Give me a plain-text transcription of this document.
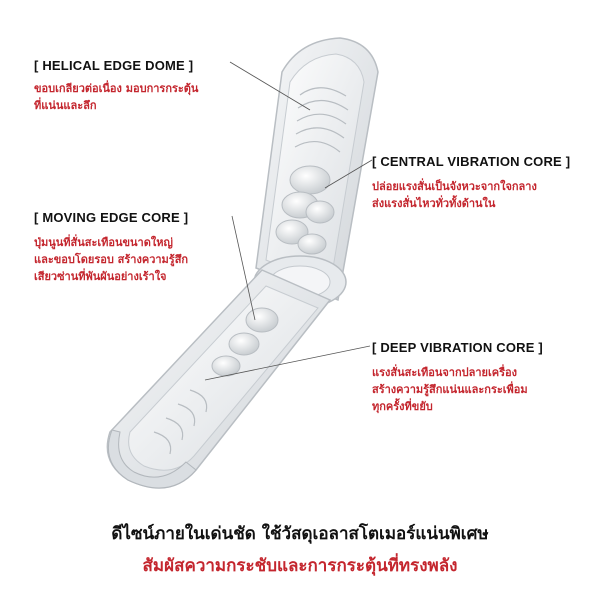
[ HELICAL EDGE DOME ]
ขอบเกลียวต่อเนื่อง มอบการกระตุ้น
ที่แน่นและลึก
[ CENTRAL VIBRATION CORE ]
ปล่อยแรงสั่นเป็นจังหวะจากใจกลาง
ส่งแรงสั่นไหวทั่วทั้งด้านใน
[ MOVING EDGE CORE ]
ปุ่มนูนที่สั่นสะเทือนขนาดใหญ่
และขอบโดยรอบ สร้างความรู้สึก
เสียวซ่านที่พันผันอย่างเร้าใจ
[ DEEP VIBRATION CORE ]
แรงสั่นสะเทือนจากปลายเครื่อง
สร้างความรู้สึกแน่นและกระเพื่อม
ทุกครั้งที่ขยับ
ดีไซน์ภายในเด่นชัด ใช้วัสดุเอลาสโตเมอร์แน่นพิเศษ
สัมผัสความกระชับและการกระตุ้นที่ทรงพลัง
